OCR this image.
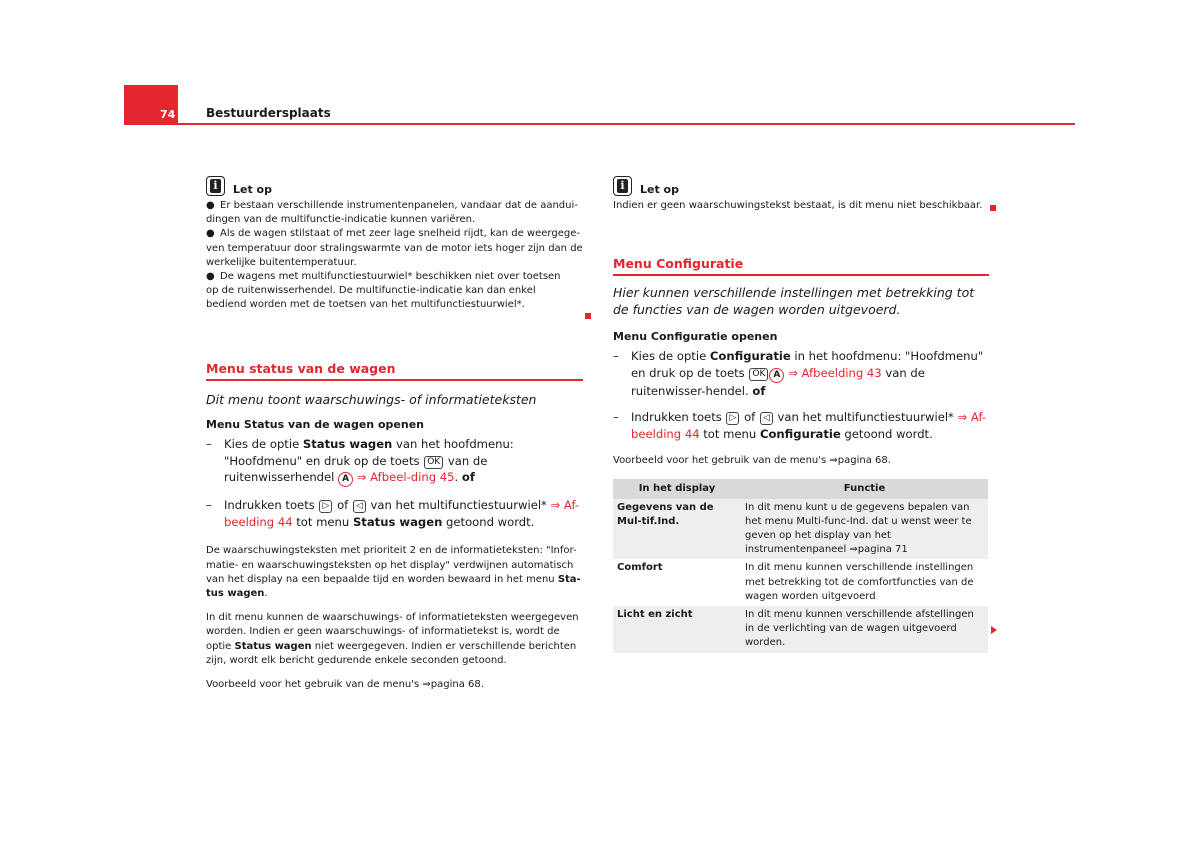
74	Bestuurdersplaats
i	Let op

● Er bestaan verschillende instrumentenpanelen, vandaar dat de aandui-dingen van de multifunctie-indicatie kunnen variëren.

● Als de wagen stilstaat of met zeer lage snelheid rijdt, kan de weergege-ven temperatuur door stralingswarmte van de motor iets hoger zijn dan de werkelijke buitentemperatuur.

● De wagens met multifunctiestuurwiel* beschikken niet over toetsen op de ruitenwisserhendel. De multifunctie-indicatie kan dan enkel bediend worden met de toetsen van het multifunctiestuurwiel*.

Menu status van de wagen
Dit menu toont waarschuwings- of informatieteksten
Menu Status van de wagen openen
– Kies de optie Status wagen van het hoofdmenu: "Hoofdmenu" en druk op de toets OK van de ruitenwisserhendel A ⇒ Afbeel-ding 45. of
– Indrukken toets ▷ of ◁ van het multifunctiestuurwiel* ⇒ Af-beelding 44 tot menu Status wagen getoond wordt.

De waarschuwingsteksten met prioriteit 2 en de informatieteksten: "Infor-matie- en waarschuwingsteksten op het display" verdwijnen automatisch van het display na een bepaalde tijd en worden bewaard in het menu Sta-tus wagen.

In dit menu kunnen de waarschuwings- of informatieteksten weergegeven worden. Indien er geen waarschuwings- of informatietekst is, wordt de optie Status wagen niet weergegeven. Indien er verschillende berichten zijn, wordt elk bericht gedurende enkele seconden getoond.

Voorbeeld voor het gebruik van de menu's ⇒pagina 68.

i	Let op

Indien er geen waarschuwingstekst bestaat, is dit menu niet beschikbaar.

Menu Configuratie
Hier kunnen verschillende instellingen met betrekking tot de functies van de wagen worden uitgevoerd.
Menu Configuratie openen
– Kies de optie Configuratie in het hoofdmenu: "Hoofdmenu" en druk op de toets OK A ⇒ Afbeelding 43 van de ruitenwisser-hendel. of
– Indrukken toets ▷ of ◁ van het multifunctiestuurwiel* ⇒ Af-beelding 44 tot menu Configuratie getoond wordt.

Voorbeeld voor het gebruik van de menu's ⇒pagina 68.

In het display	Functie
Gegevens van de Mul-tif.Ind.	In dit menu kunt u de gegevens bepalen van het menu Multi-func-Ind. dat u wenst weer te geven op het display van het instrumentenpaneel ⇒pagina 71
Comfort	In dit menu kunnen verschillende instellingen met betrekking tot de comfortfuncties van de wagen worden uitgevoerd
Licht en zicht	In dit menu kunnen verschillende afstellingen in de verlichting van de wagen uitgevoerd worden.
